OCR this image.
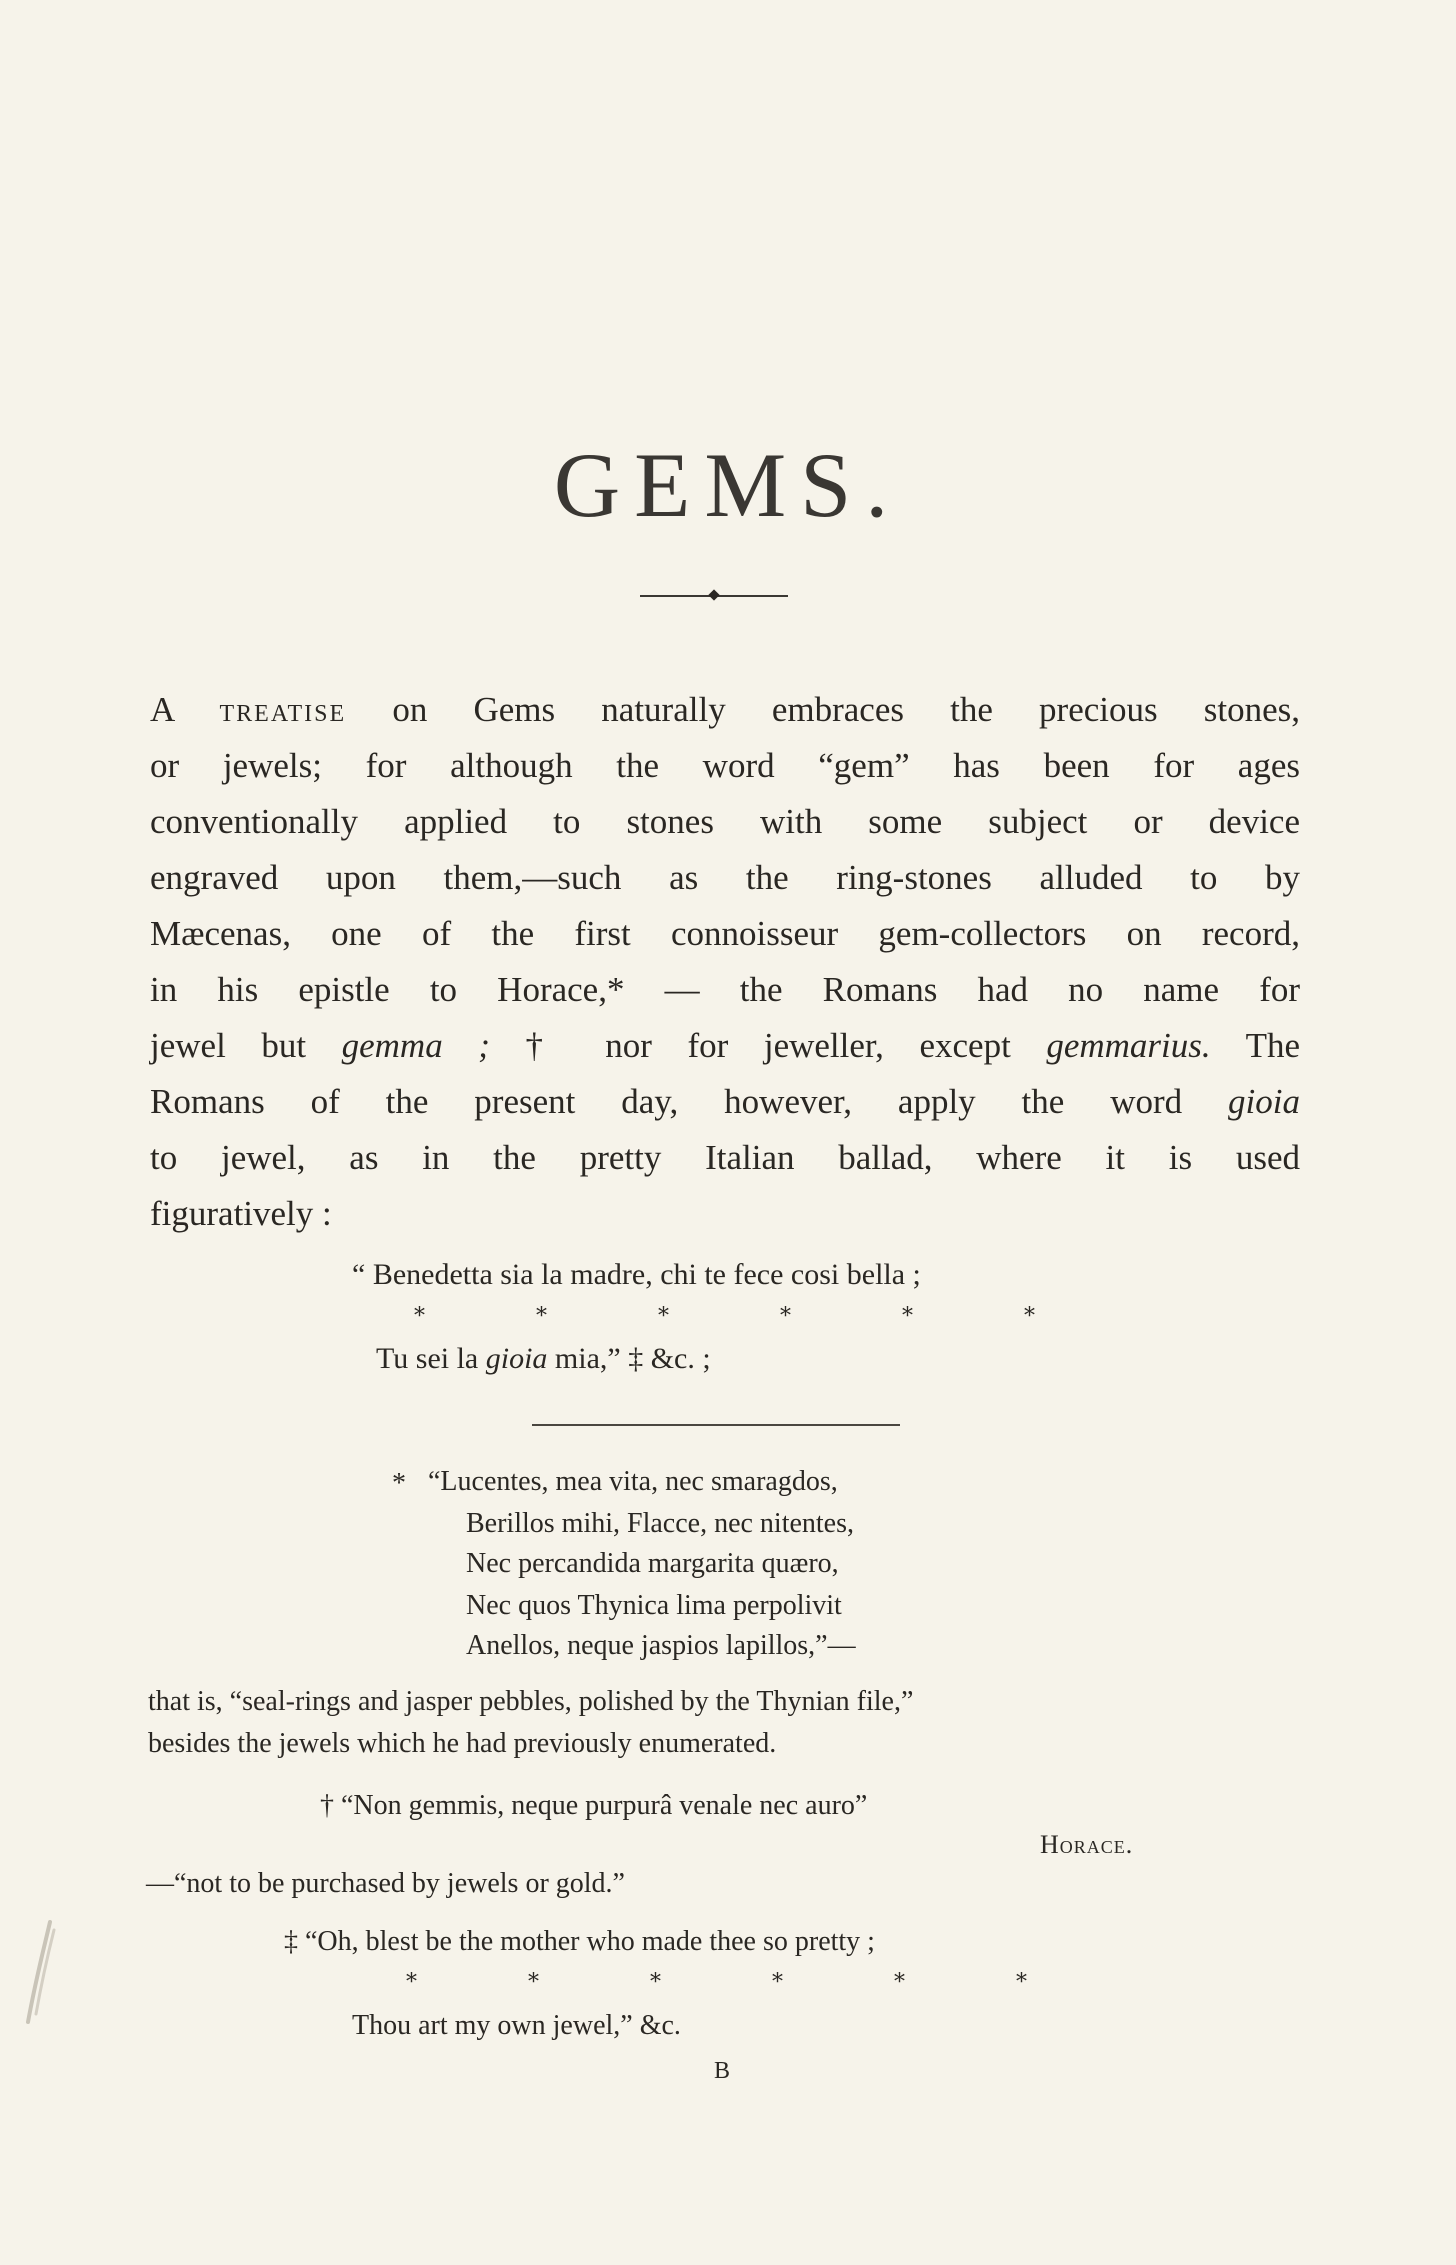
GEMS.
A treatise on Gems naturally embraces the precious stones,
or jewels; for although the word “gem” has been for ages
conventionally applied to stones with some subject or device
engraved upon them,—such as the ring-stones alluded to by
Mæcenas, one of the first connoisseur gem-collectors on record,
in his epistle to Horace,* — the Romans had no name for
jewel but gemma ; † nor for jeweller, except gemmarius. The
Romans of the present day, however, apply the word gioia
to jewel, as in the pretty Italian ballad, where it is used
figuratively :
“ Benedetta sia la madre, chi te fece cosi bella ;
*	*	*	*	*	*
Tu sei la gioia mia,” ‡ &c. ;
* “Lucentes, mea vita, nec smaragdos,
Berillos mihi, Flacce, nec nitentes,
Nec percandida margarita quæro,
Nec quos Thynica lima perpolivit
Anellos, neque jaspios lapillos,”—
that is, “seal-rings and jasper pebbles, polished by the Thynian file,”
besides the jewels which he had previously enumerated.
† “Non gemmis, neque purpurâ venale nec auro”
Horace.
—“not to be purchased by jewels or gold.”
‡ “Oh, blest be the mother who made thee so pretty ;
*	*	*	*	*	*
Thou art my own jewel,” &c.
B
